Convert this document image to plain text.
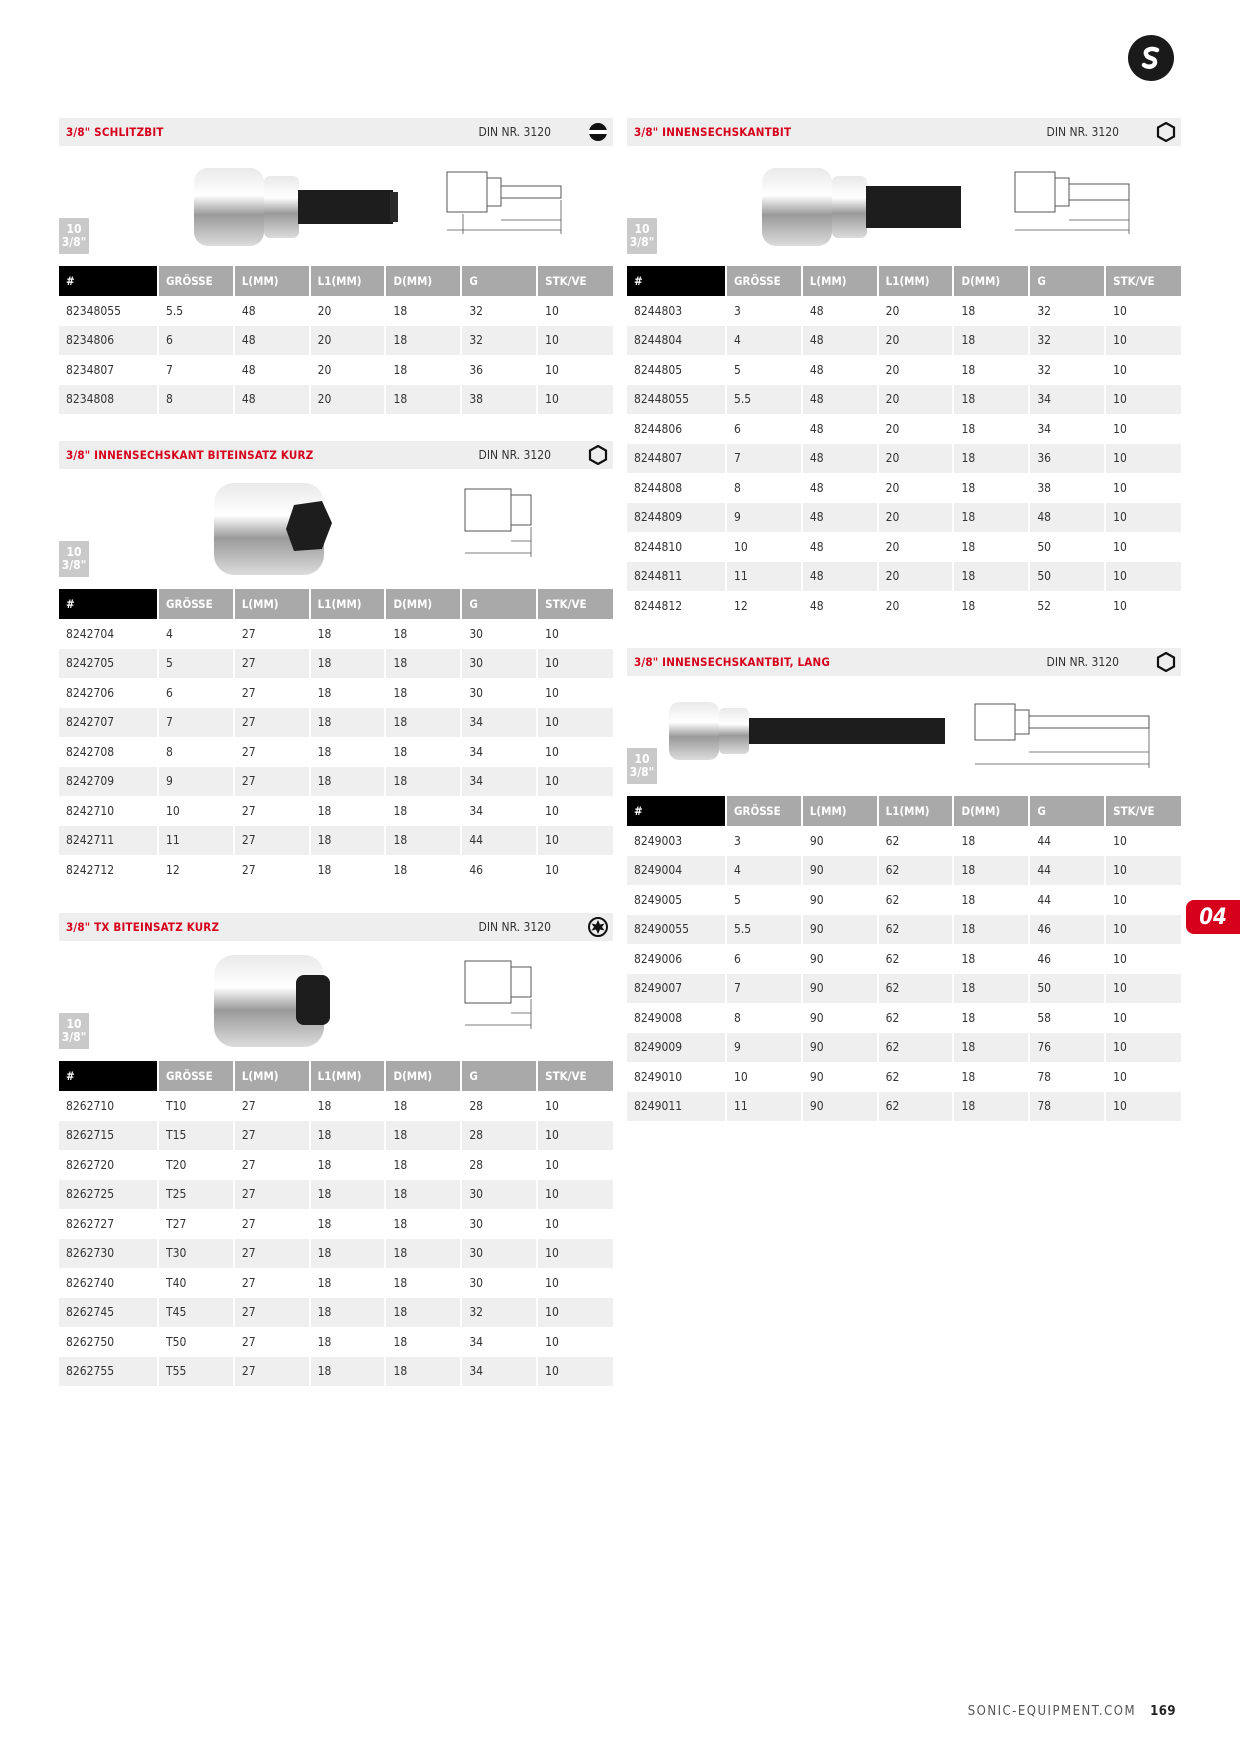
3/8" SCHLITZBIT	DIN NR. 3120
10
3/8"
#	GRÖSSE	L(MM)	L1(MM)	D(MM)	G	STK/VE
82348055	5.5	48	20	18	32	10
8234806	6	48	20	18	32	10
8234807	7	48	20	18	36	10
8234808	8	48	20	18	38	10
3/8" INNENSECHSKANT BITEINSATZ KURZ	DIN NR. 3120
10
3/8"
#	GRÖSSE	L(MM)	L1(MM)	D(MM)	G	STK/VE
8242704	4	27	18	18	30	10
8242705	5	27	18	18	30	10
8242706	6	27	18	18	30	10
8242707	7	27	18	18	34	10
8242708	8	27	18	18	34	10
8242709	9	27	18	18	34	10
8242710	10	27	18	18	34	10
8242711	11	27	18	18	44	10
8242712	12	27	18	18	46	10
3/8" TX BITEINSATZ KURZ	DIN NR. 3120
10
3/8"
#	GRÖSSE	L(MM)	L1(MM)	D(MM)	G	STK/VE
8262710	T10	27	18	18	28	10
8262715	T15	27	18	18	28	10
8262720	T20	27	18	18	28	10
8262725	T25	27	18	18	30	10
8262727	T27	27	18	18	30	10
8262730	T30	27	18	18	30	10
8262740	T40	27	18	18	30	10
8262745	T45	27	18	18	32	10
8262750	T50	27	18	18	34	10
8262755	T55	27	18	18	34	10
3/8" INNENSECHSKANTBIT	DIN NR. 3120
10
3/8"
#	GRÖSSE	L(MM)	L1(MM)	D(MM)	G	STK/VE
8244803	3	48	20	18	32	10
8244804	4	48	20	18	32	10
8244805	5	48	20	18	32	10
82448055	5.5	48	20	18	34	10
8244806	6	48	20	18	34	10
8244807	7	48	20	18	36	10
8244808	8	48	20	18	38	10
8244809	9	48	20	18	48	10
8244810	10	48	20	18	50	10
8244811	11	48	20	18	50	10
8244812	12	48	20	18	52	10
3/8" INNENSECHSKANTBIT, LANG	DIN NR. 3120
10
3/8"
#	GRÖSSE	L(MM)	L1(MM)	D(MM)	G	STK/VE
8249003	3	90	62	18	44	10
8249004	4	90	62	18	44	10
8249005	5	90	62	18	44	10
82490055	5.5	90	62	18	46	10
8249006	6	90	62	18	46	10
8249007	7	90	62	18	50	10
8249008	8	90	62	18	58	10
8249009	9	90	62	18	76	10
8249010	10	90	62	18	78	10
8249011	11	90	62	18	78	10
04
SONIC-EQUIPMENT.COM 169
